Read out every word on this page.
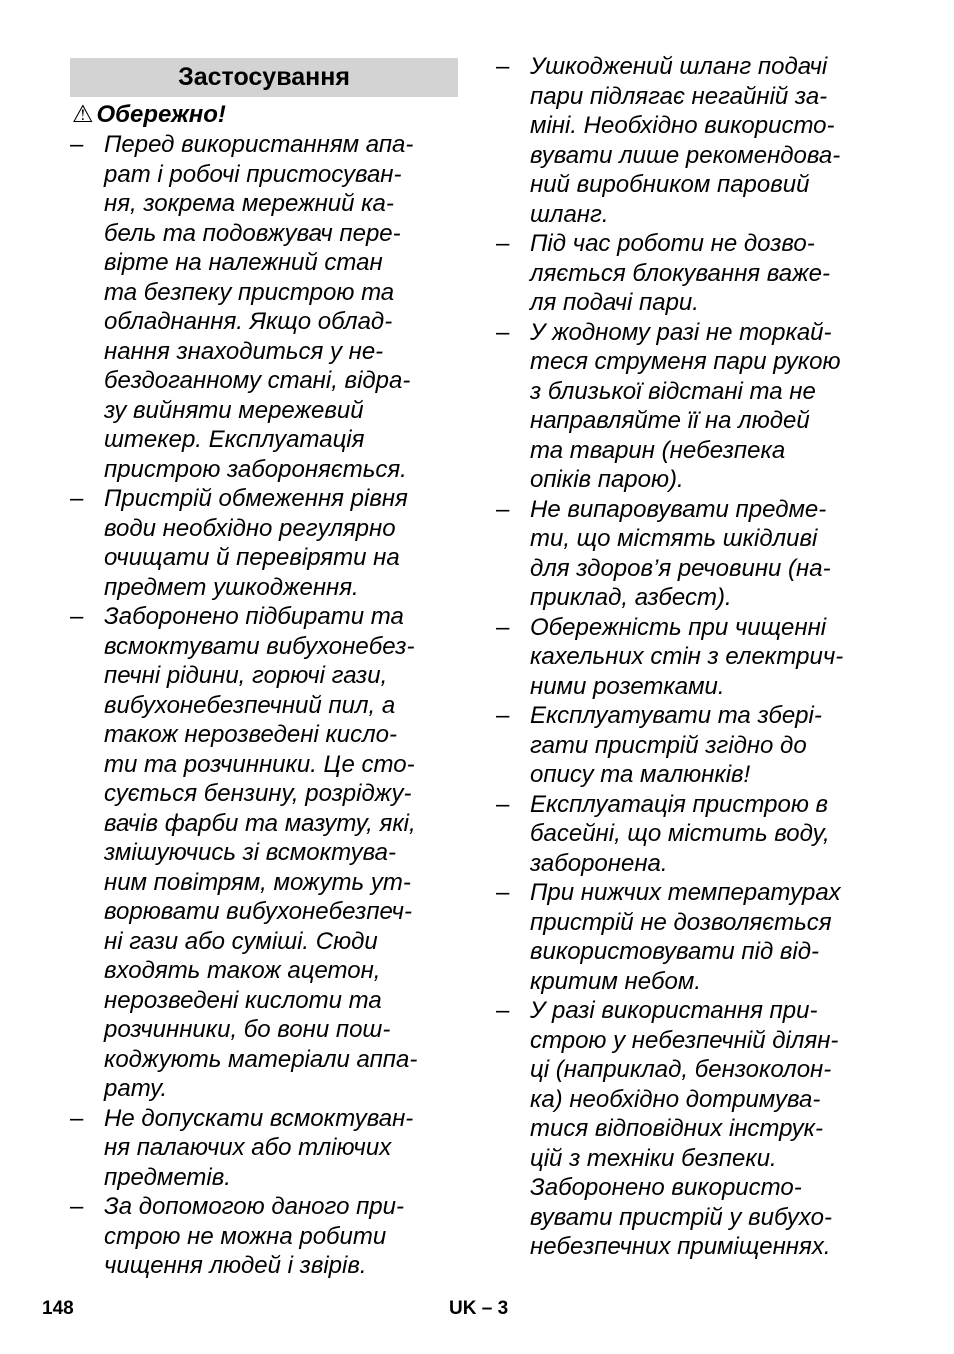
Застосування
⚠ Обережно!
– Перед використанням апа-
рат і робочі пристосуван-
ня, зокрема мережний ка-
бель та подовжувач пере-
вірте на належний стан
та безпеку пристрою та
обладнання. Якщо облад-
нання знаходиться у не-
бездоганному стані, відра-
зу вийняти мережевий
штекер. Експлуатація
пристрою забороняється.
– Пристрій обмеження рівня
води необхідно регулярно
очищати й перевіряти на
предмет ушкодження.
– Заборонено підбирати та
всмоктувати вибухонебез-
печні рідини, горючі гази,
вибухонебезпечний пил, а
також нерозведені кисло-
ти та розчинники. Це сто-
сується бензину, розріджу-
вачів фарби та мазуту, які,
змішуючись зі всмоктува-
ним повітрям, можуть ут-
ворювати вибухонебезпеч-
ні гази або суміші. Сюди
входять також ацетон,
нерозведені кислоти та
розчинники, бо вони пош-
коджують матеріали аппа-
рату.
– Не допускати всмоктуван-
ня палаючих або тліючих
предметів.
– За допомогою даного при-
строю не можна робити
чищення людей і звірів.
– Ушкоджений шланг подачі
пари підлягає негайній за-
міні. Необхідно використо-
вувати лише рекомендова-
ний виробником паровий
шланг.
– Під час роботи не дозво-
ляється блокування важе-
ля подачі пари.
– У жодному разі не торкай-
теся струменя пари рукою
з близької відстані та не
направляйте її на людей
та тварин (небезпека
опіків парою).
– Не випаровувати предме-
ти, що містять шкідливі
для здоров’я речовини (на-
приклад, азбест).
– Обережність при чищенні
кахельних стін з електрич-
ними розетками.
– Експлуатувати та збері-
гати пристрій згідно до
опису та малюнків!
– Експлуатація пристрою в
басейні, що містить воду,
заборонена.
– При нижчих температурах
пристрій не дозволяється
використовувати під від-
критим небом.
– У разі використання при-
строю у небезпечній ділян-
ці (наприклад, бензоколон-
ка) необхідно дотримува-
тися відповідних інструк-
цій з техніки безпеки.
Заборонено використо-
вувати пристрій у вибухо-
небезпечних приміщеннях.
148	UK – 3
